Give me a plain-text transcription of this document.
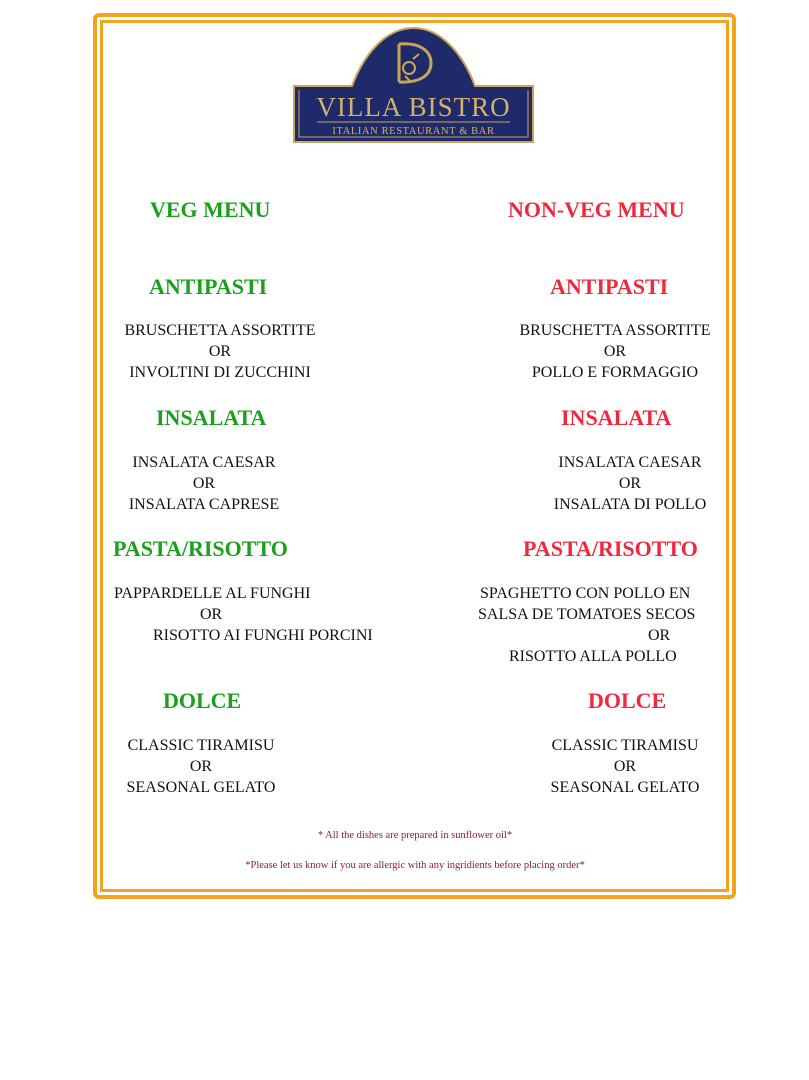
VILLA BISTRO
ITALIAN RESTAURANT & BAR
VEG MENU	NON-VEG MENU
ANTIPASTI
BRUSCHETTA ASSORTITE
OR
INVOLTINI DI ZUCCHINI
INSALATA
INSALATA CAESAR
OR
INSALATA CAPRESE
PASTA/RISOTTO
PAPPARDELLE AL FUNGHI
OR
RISOTTO AI FUNGHI PORCINI
DOLCE
CLASSIC TIRAMISU
OR
SEASONAL GELATO
ANTIPASTI
BRUSCHETTA ASSORTITE
OR
POLLO E FORMAGGIO
INSALATA
INSALATA CAESAR
OR
INSALATA DI POLLO
PASTA/RISOTTO
SPAGHETTO CON POLLO EN
SALSA DE TOMATOES SECOS
OR
RISOTTO ALLA POLLO
DOLCE
CLASSIC TIRAMISU
OR
SEASONAL GELATO
* All the dishes are prepared in sunflower oil*
*Please let us know if you are allergic with any ingridients before placing order*
